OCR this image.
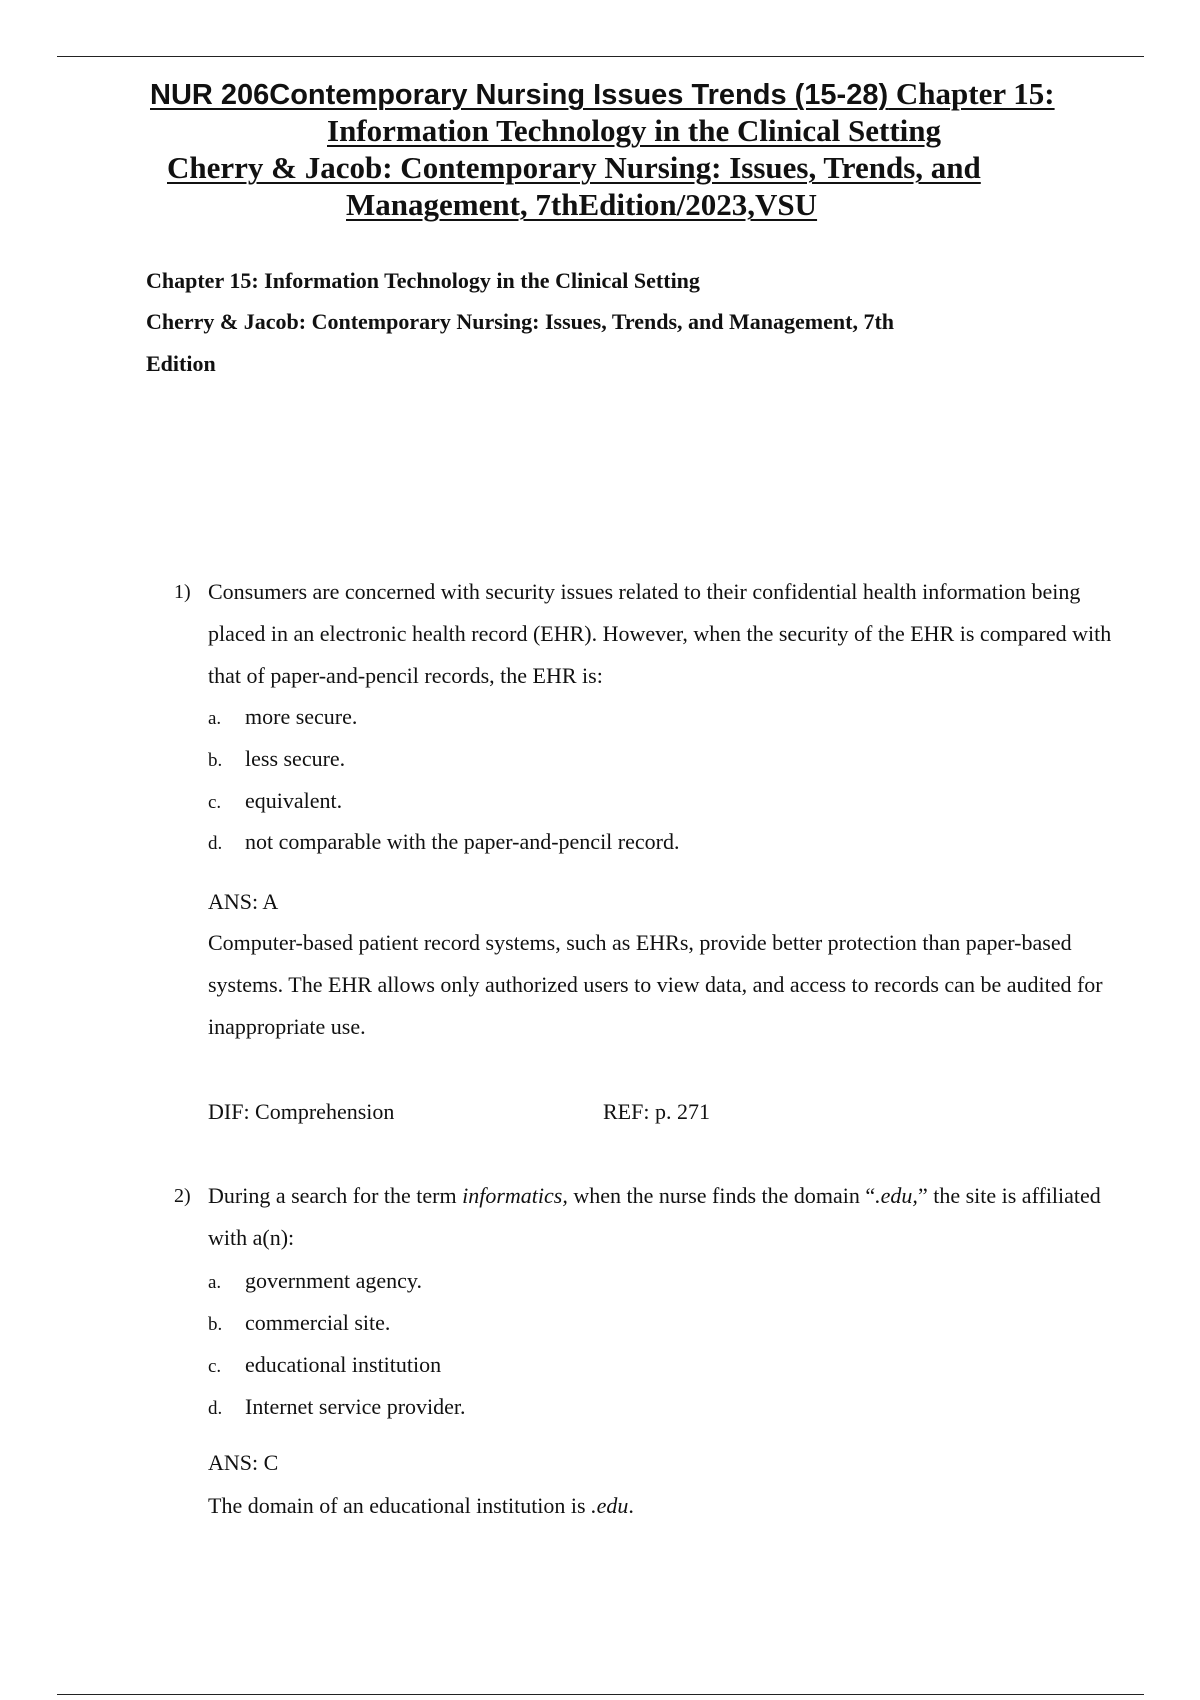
NUR 206Contemporary Nursing Issues Trends (15-28) Chapter 15:
Information Technology in the Clinical Setting
Cherry & Jacob: Contemporary Nursing: Issues, Trends, and
Management, 7thEdition/2023,VSU
Chapter 15: Information Technology in the Clinical Setting
Cherry & Jacob: Contemporary Nursing: Issues, Trends, and Management, 7th
Edition
1) Consumers are concerned with security issues related to their confidential health information being placed in an electronic health record (EHR). However, when the security of the EHR is compared with that of paper-and-pencil records, the EHR is:
a. more secure.
b. less secure.
c. equivalent.
d. not comparable with the paper-and-pencil record.
ANS: A
Computer-based patient record systems, such as EHRs, provide better protection than paper-based systems. The EHR allows only authorized users to view data, and access to records can be audited for inappropriate use.
DIF: Comprehension	REF: p. 271
2) During a search for the term informatics, when the nurse finds the domain “.edu,” the site is affiliated with a(n):
a. government agency.
b. commercial site.
c. educational institution
d. Internet service provider.
ANS: C
The domain of an educational institution is .edu.
